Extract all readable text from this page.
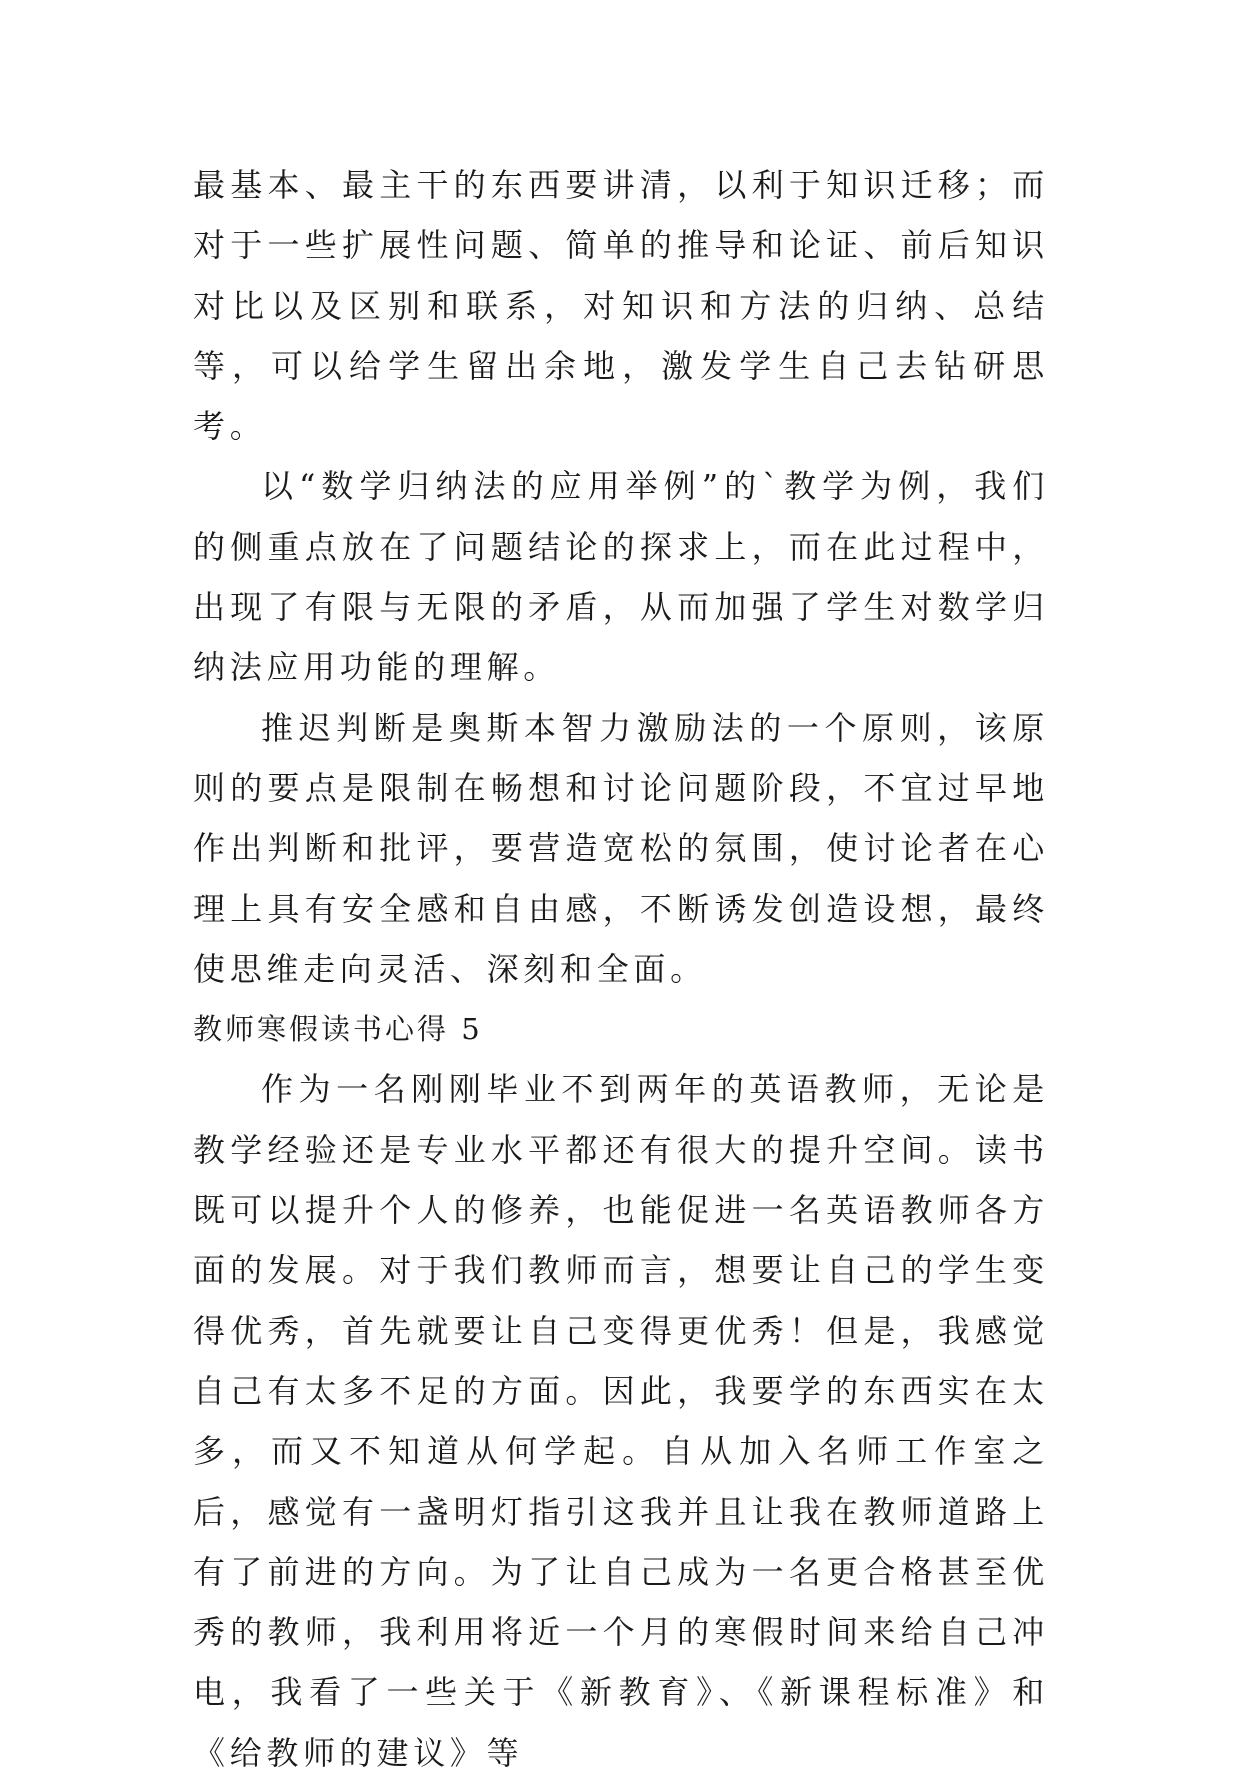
最基本、最主干的东西要讲清，以利于知识迁移；而对于一些扩展性问题、简单的推导和论证、前后知识对比以及区别和联系，对知识和方法的归纳、总结等，可以给学生留出余地，激发学生自己去钻研思考。

以“数学归纳法的应用举例”的`教学为例，我们的侧重点放在了问题结论的探求上，而在此过程中，出现了有限与无限的矛盾，从而加强了学生对数学归纳法应用功能的理解。

推迟判断是奥斯本智力激励法的一个原则，该原则的要点是限制在畅想和讨论问题阶段，不宜过早地作出判断和批评，要营造宽松的氛围，使讨论者在心理上具有安全感和自由感，不断诱发创造设想，最终使思维走向灵活、深刻和全面。

教师寒假读书心得 5

作为一名刚刚毕业不到两年的英语教师，无论是教学经验还是专业水平都还有很大的提升空间。读书既可以提升个人的修养，也能促进一名英语教师各方面的发展。对于我们教师而言，想要让自己的学生变得优秀，首先就要让自己变得更优秀！但是，我感觉自己有太多不足的方面。因此，我要学的东西实在太多，而又不知道从何学起。自从加入名师工作室之后，感觉有一盏明灯指引这我并且让我在教师道路上有了前进的方向。为了让自己成为一名更合格甚至优秀的教师，我利用将近一个月的寒假时间来给自己冲电，我看了一些关于《新教育》、《新课程标准》和《给教师的建议》等
